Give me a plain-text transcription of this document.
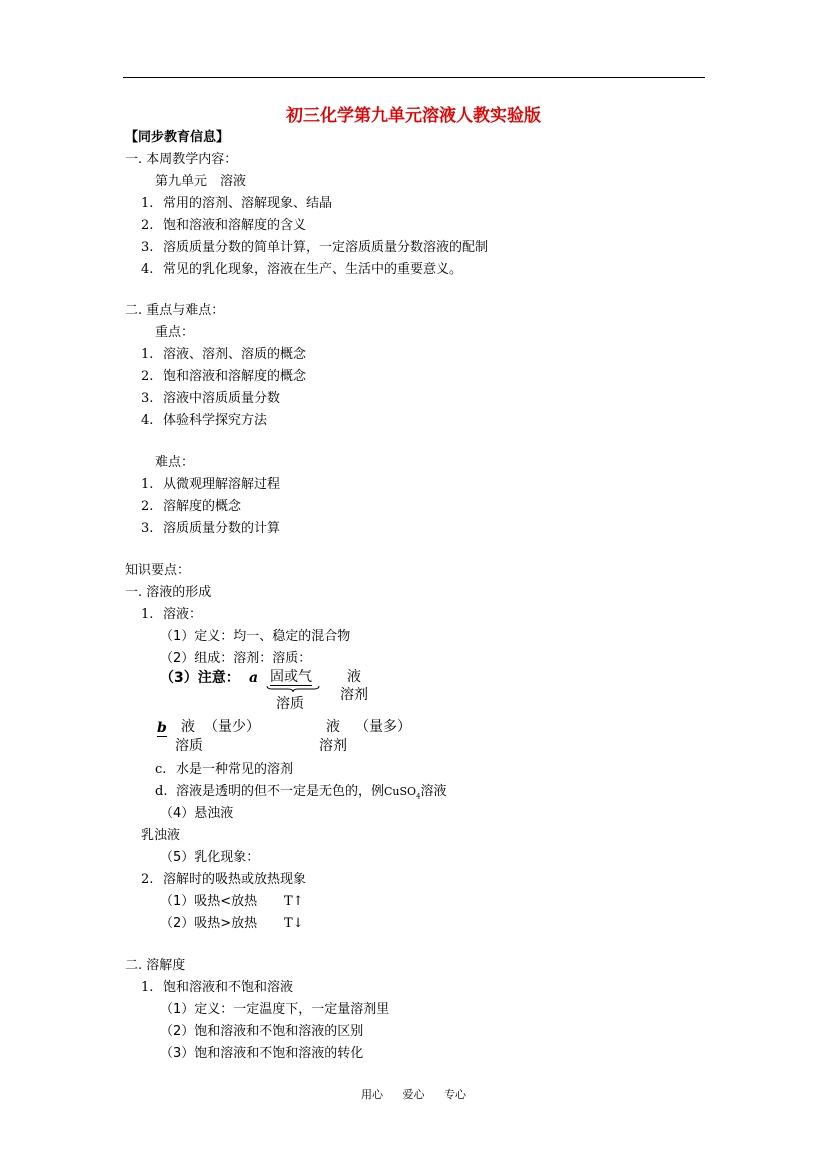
初三化学第九单元溶液人教实验版
【同步教育信息】
一. 本周教学内容：
第九单元　溶液
1. 常用的溶剂、溶解现象、结晶
2. 饱和溶液和溶解度的含义
3. 溶质质量分数的简单计算，一定溶质质量分数溶液的配制
4. 常见的乳化现象，溶液在生产、生活中的重要意义。
二. 重点与难点：
重点：
1. 溶液、溶剂、溶质的概念
2. 饱和溶液和溶解度的概念
3. 溶液中溶质质量分数
4. 体验科学探究方法
难点：
1. 从微观理解溶解过程
2. 溶解度的概念
3. 溶质质量分数的计算
知识要点：
一. 溶液的形成
1. 溶液：
（1）定义：均一、稳定的混合物
（2）组成：溶剂：溶质：
（3）注意： a 固或气	液
溶质
溶剂
b 液 （量少）	液 （量多）
溶质	溶剂
c. 水是一种常见的溶剂
d. 溶液是透明的但不一定是无色的，例CuSO$_4$溶液
（4）悬浊液
乳浊液
（5）乳化现象：
2. 溶解时的吸热或放热现象
（1）吸热<放热 T↑
（2）吸热>放热 T↓
二. 溶解度
1. 饱和溶液和不饱和溶液
（1）定义：一定温度下，一定量溶剂里
（2）饱和溶液和不饱和溶液的区别
（3）饱和溶液和不饱和溶液的转化
用心 爱心 专心
